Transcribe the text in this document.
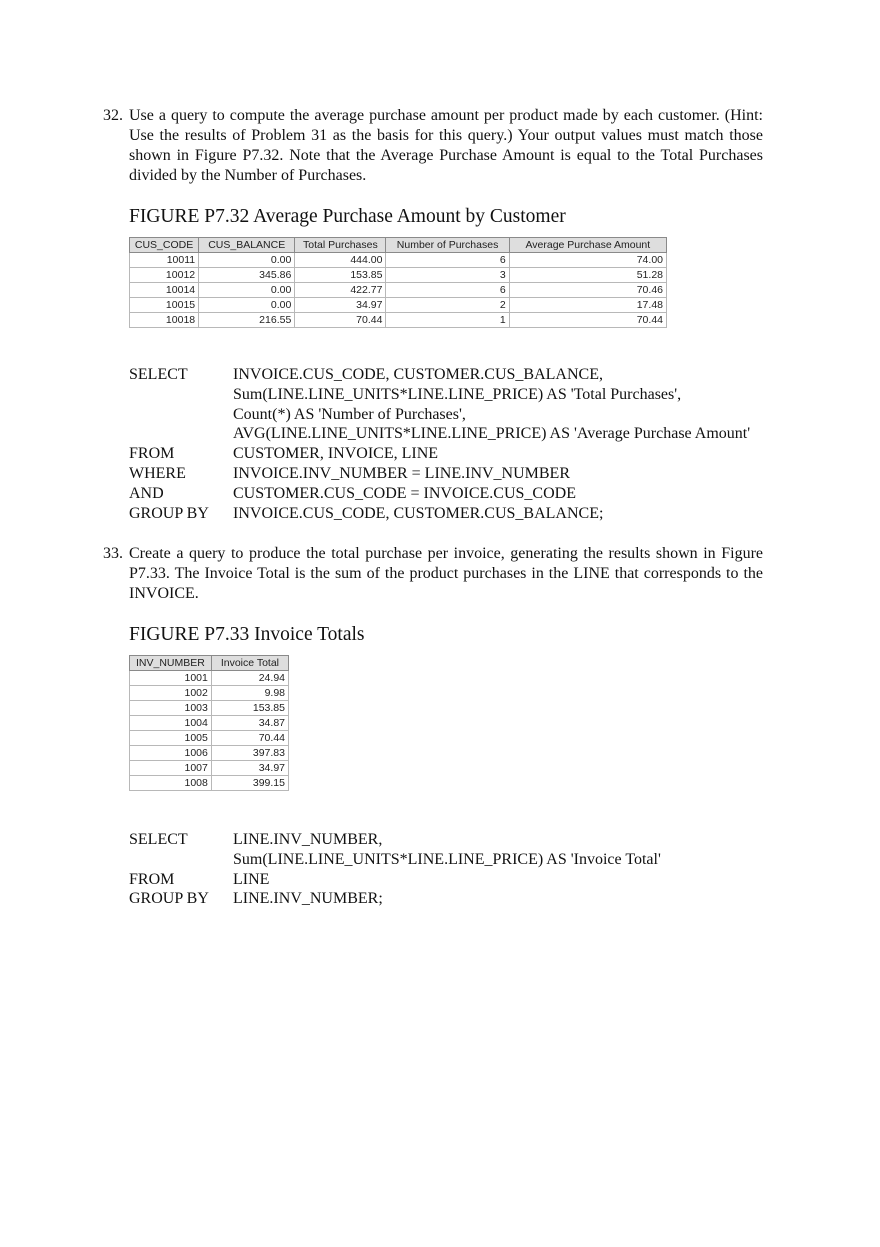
32. Use a query to compute the average purchase amount per product made by each customer. (Hint: Use the results of Problem 31 as the basis for this query.) Your output values must match those shown in Figure P7.32. Note that the Average Purchase Amount is equal to the Total Purchases divided by the Number of Purchases.
FIGURE P7.32 Average Purchase Amount by Customer
CUS_CODE	CUS_BALANCE	Total Purchases	Number of Purchases	Average Purchase Amount
10011	0.00	444.00	6	74.00
10012	345.86	153.85	3	51.28
10014	0.00	422.77	6	70.46
10015	0.00	34.97	2	17.48
10018	216.55	70.44	1	70.44
SELECT	INVOICE.CUS_CODE, CUSTOMER.CUS_BALANCE,
Sum(LINE.LINE_UNITS*LINE.LINE_PRICE) AS 'Total Purchases',
Count(*) AS 'Number of Purchases',
AVG(LINE.LINE_UNITS*LINE.LINE_PRICE) AS 'Average Purchase Amount'
FROM	CUSTOMER, INVOICE, LINE
WHERE	INVOICE.INV_NUMBER = LINE.INV_NUMBER
AND	CUSTOMER.CUS_CODE = INVOICE.CUS_CODE
GROUP BY INVOICE.CUS_CODE, CUSTOMER.CUS_BALANCE;
33. Create a query to produce the total purchase per invoice, generating the results shown in Figure P7.33. The Invoice Total is the sum of the product purchases in the LINE that corresponds to the INVOICE.
FIGURE P7.33 Invoice Totals
INV_NUMBER	Invoice Total
1001	24.94
1002	9.98
1003	153.85
1004	34.87
1005	70.44
1006	397.83
1007	34.97
1008	399.15
SELECT	LINE.INV_NUMBER,
Sum(LINE.LINE_UNITS*LINE.LINE_PRICE) AS 'Invoice Total'
FROM	LINE
GROUP BY LINE.INV_NUMBER;
